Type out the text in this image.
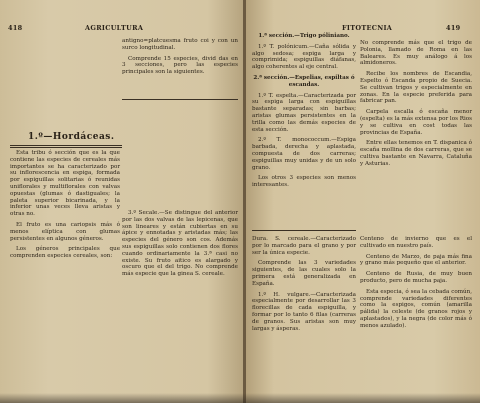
418	AGRICULTURA

antigno=platcuesma fruto coi y con un surco longitudinal.

Comprende 15 especies, divid das en 3 secciones, pero las especies principales son la siguientes.

1.º—Hordáceas.

Esta tribu ó sección que es la que contiene las especies de cereales más importantes se ha caracterizado por su inflorescencia en espiga, formada por espiguillas solitarias ó reunidas uniflorales y multiflorales con valvas opuestas (glumas ó dastiguales; la paleta superior bicarinada, y la inferior unas veces lleva aristas y otras no.

El fruto es una cariopsis más ó menos elíptica con glumas persistentes en algunos géneros.

Los géneros principales que comprenden especies cereales, son:

3.º Secale.—Se distingue del anterior por las dos valvas de las lepicenas, que son lineares y están cubiertas en su ápice y ennotadas y aristadas más; las especies del género son cos. Además sus espiguillas solo contienen dos flores cuando ordinariamente la 3.ª casi no existe. Su fruto aitico es alargado y oscuro que el del trigo. No comprende más especie que la ginea S. cereale.

FITOTECNIA	419

1.ª sección.—Trigo póliniano.

1.º T. polónicum.—Caña sólida y algo sedosa; espiga larga y comprimida; espiguillas diáfanas, algo coherentes al eje central.

2.ª sección.—Espelias, espiltas ó escandas.

1.º T. espelta.—Caracterizada por su espiga larga con espiguillas bastante separadas; sin barbas; aristas glumas persistentes en la trilla como las demás especies de esta sección.

2.º T. monococcum.—Espiga barbada, derecha y aplastada, compuesta de dos carreras; espiguillas muy unidas y de un solo grano.

Los otros 3 especies son menos interesantes.

No comprende más que el trigo de Polonia, llamado de Roma en las Baleares. Es muy análogo á los almidoneros.

Recibe los nombres de Escandia, Espelto ó Escanda propio de Suecia. Se cultivan trigos y especialmente en zonas. En la especie preferida para fabricar pan.

Carpela escalla ó escaña menor (espelta) es la más extensa por los Rios y se cultiva en cost todas las provincias de España.

Entre ellas tenemos en T. dispanica ó escaña mollina de dos carreras, que se cultiva bastante en Navarra, Cataluña y Asturias.

Dura. S. cereale.—Caracterizado por lo marcado para el grano y por ser la única especie.

Comprende las 3 variedades siguientes, de las cuales solo la primera está generalizada en España.

1.º H. vulgare.—Caracterizada especialmente por desarrollar las 3 florecillas de cada espiguilla, y formar por lo tanto 6 filas (carreras de granos. Sus aristas son muy largas y ásperas.

Centeno de invierno que es el cultivado en nuestro país.

Centeno de Marzo, de paja más fina y grano más pequeño que el anterior.

Centeno de Rusia, de muy buen producto, pero de mucha paja.

Esta especia, ó sea la cebada común, comprende variedades diferentes como la espigos, común (amarilla pálida) la celeste (de granos rojos y aplastados), y la negra (de color más ó menos azulado).
